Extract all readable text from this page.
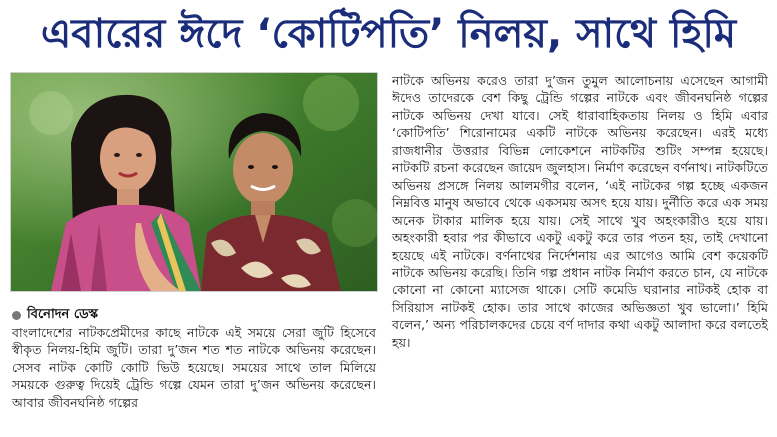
এবারের ঈদে ‘কোটিপতি’ নিলয়, সাথে হিমি
বিনোদন ডেস্ক

বাংলাদেশের নাটকপ্রেমীদের কাছে নাটকে এই সময়ে সেরা জুটি হিসেবে স্বীকৃত নিলয়-হিমি জুটি। তারা দু’জন শত শত নাটকে অভিনয় করেছেন। সেসব নাটক কোটি কোটি ভিউ হয়েছে। সময়ের সাথে তাল মিলিয়ে সময়কে গুরুত্ব দিয়েই ট্রেন্ডি গল্পে যেমন তারা দু’জন অভিনয় করেছেন। আবার জীবনঘনিষ্ঠ গল্পের

নাটকে অভিনয় করেও তারা দু’জন তুমুল আলোচনায় এসেছেন আগামী ঈদেও তাদেরকে বেশ কিছু ট্রেন্ডি গল্পের নাটকে এবং জীবনঘনিষ্ঠ গল্পের নাটকে অভিনয় দেখা যাবে। সেই ধারাবাহিকতায় নিলয় ও হিমি এবার ‘কোটিপতি’ শিরোনামের একটি নাটকে অভিনয় করেছেন। এরই মধ্যে রাজধানীর উত্তরার বিভিন্ন লোকেশনে নাটকটির শুটিং সম্পন্ন হয়েছে। নাটকটি রচনা করেছেন জায়েদ জুলহাস। নির্মাণ করেছেন বর্ণনাথ। নাটকটিতে অভিনয় প্রসঙ্গে নিলয় আলমগীর বলেন, ‘এই নাটকের গল্প হচ্ছে একজন নিম্নবিত্ত মানুষ অভাবে থেকে একসময় অসৎ হয়ে যায়। দুর্নীতি করে এক সময় অনেক টাকার মালিক হয়ে যায়। সেই সাথে খুব অহংকারীও হয়ে যায়। অহংকারী হবার পর কীভাবে একটু একটু করে তার পতন হয়, তাই দেখানো হয়েছে এই নাটকে। বর্ণনাথের নির্দেশনায় এর আগেও আমি বেশ কয়েকটি নাটকে অভিনয় করেছি। তিনি গল্প প্রধান নাটক নির্মাণ করতে চান, যে নাটকে কোনো না কোনো ম্যাসেজ থাকে। সেটি কমেডি ঘরানার নাটকই হোক বা সিরিয়াস নাটকই হোক। তার সাথে কাজের অভিজ্ঞতা খুব ভালো।’ হিমি বলেন,’ অন্য পরিচালকদের চেয়ে বর্ণ দাদার কথা একটু আলাদা করে বলতেই হয়।
